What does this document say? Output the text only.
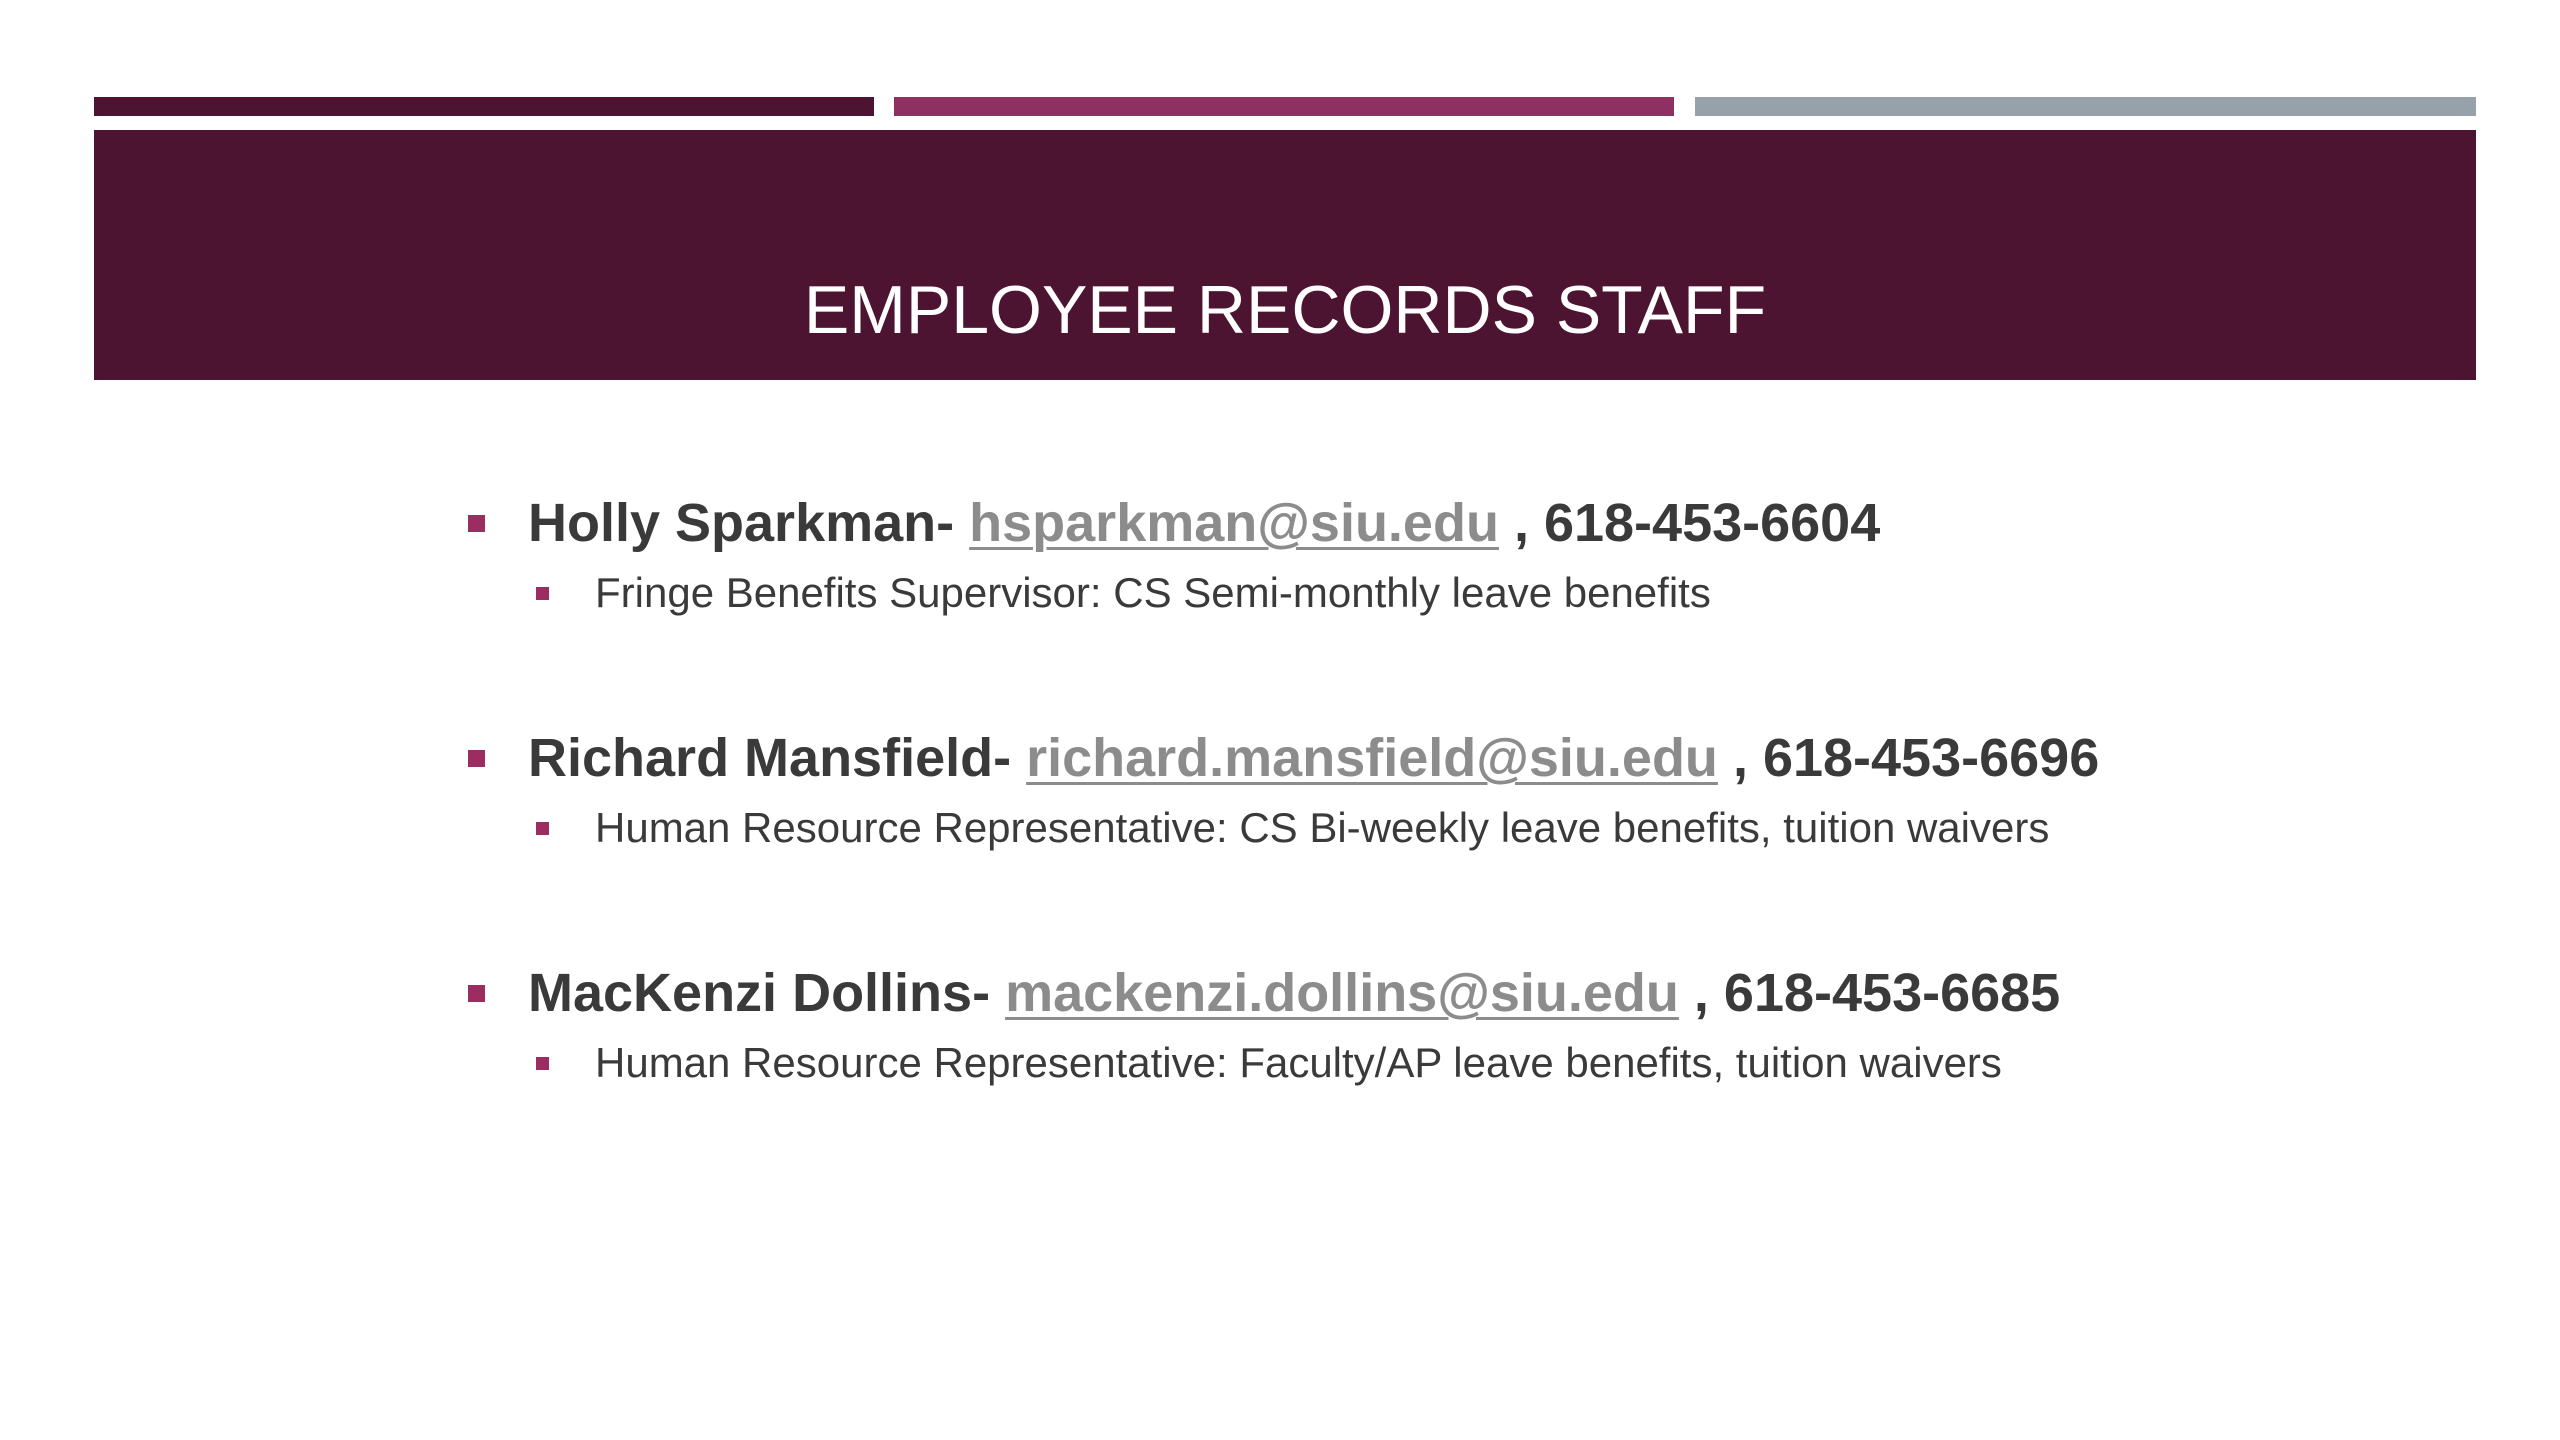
EMPLOYEE RECORDS STAFF
Holly Sparkman- hsparkman@siu.edu , 618-453-6604
Fringe Benefits Supervisor: CS Semi-monthly leave benefits
Richard Mansfield- richard.mansfield@siu.edu , 618-453-6696
Human Resource Representative: CS Bi-weekly leave benefits, tuition waivers
MacKenzi Dollins- mackenzi.dollins@siu.edu , 618-453-6685
Human Resource Representative: Faculty/AP leave benefits, tuition waivers
